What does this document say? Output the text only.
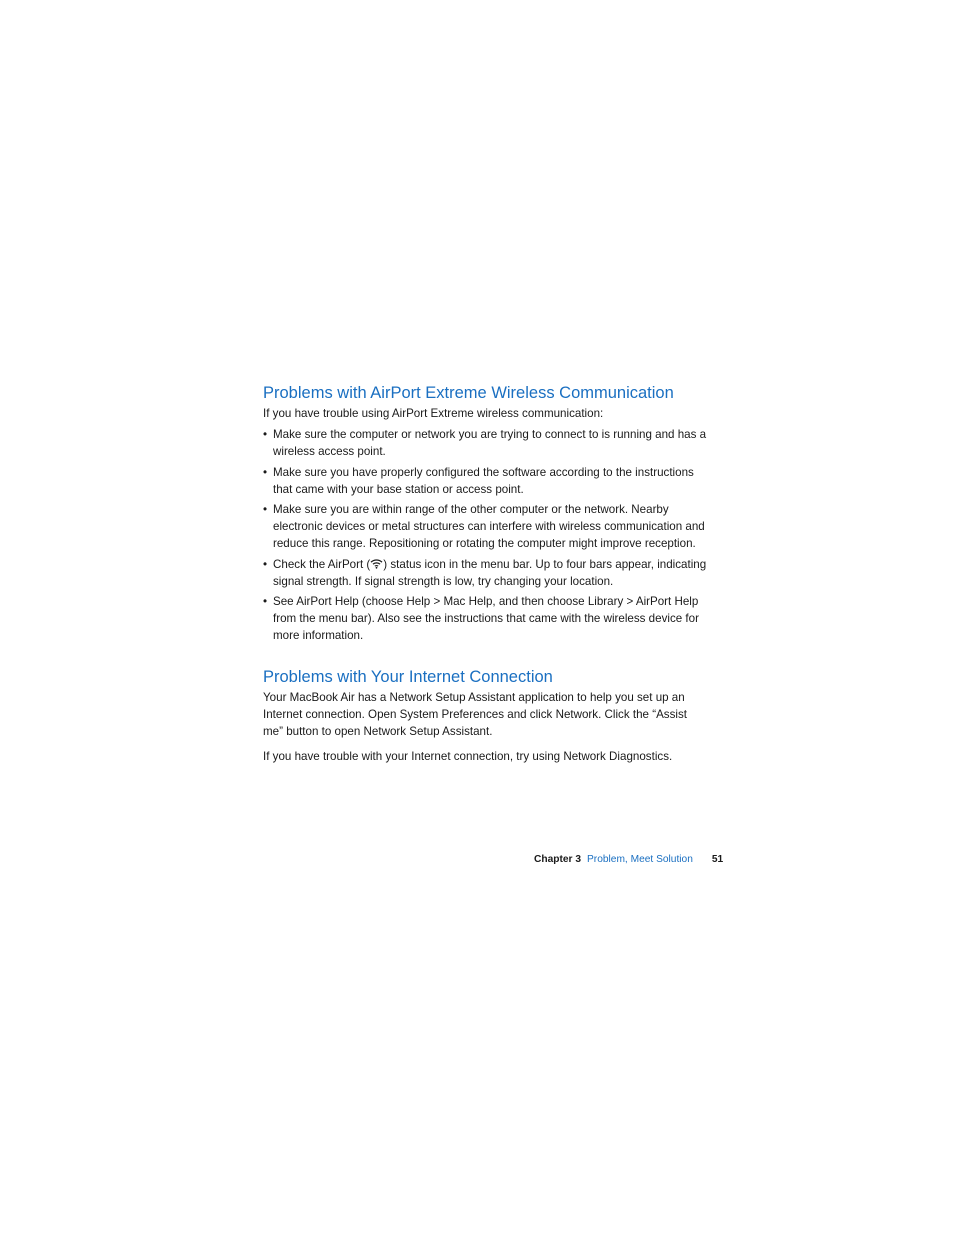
Problems with AirPort Extreme Wireless Communication

If you have trouble using AirPort Extreme wireless communication:

• Make sure the computer or network you are trying to connect to is running and has a wireless access point.
• Make sure you have properly configured the software according to the instructions that came with your base station or access point.
• Make sure you are within range of the other computer or the network. Nearby electronic devices or metal structures can interfere with wireless communication and reduce this range. Repositioning or rotating the computer might improve reception.
• Check the AirPort ( ) status icon in the menu bar. Up to four bars appear, indicating signal strength. If signal strength is low, try changing your location.
• See AirPort Help (choose Help > Mac Help, and then choose Library > AirPort Help from the menu bar). Also see the instructions that came with the wireless device for more information.
Problems with Your Internet Connection

Your MacBook Air has a Network Setup Assistant application to help you set up an Internet connection. Open System Preferences and click Network. Click the “Assist me” button to open Network Setup Assistant.

If you have trouble with your Internet connection, try using Network Diagnostics.

Chapter 3 Problem, Meet Solution 51
